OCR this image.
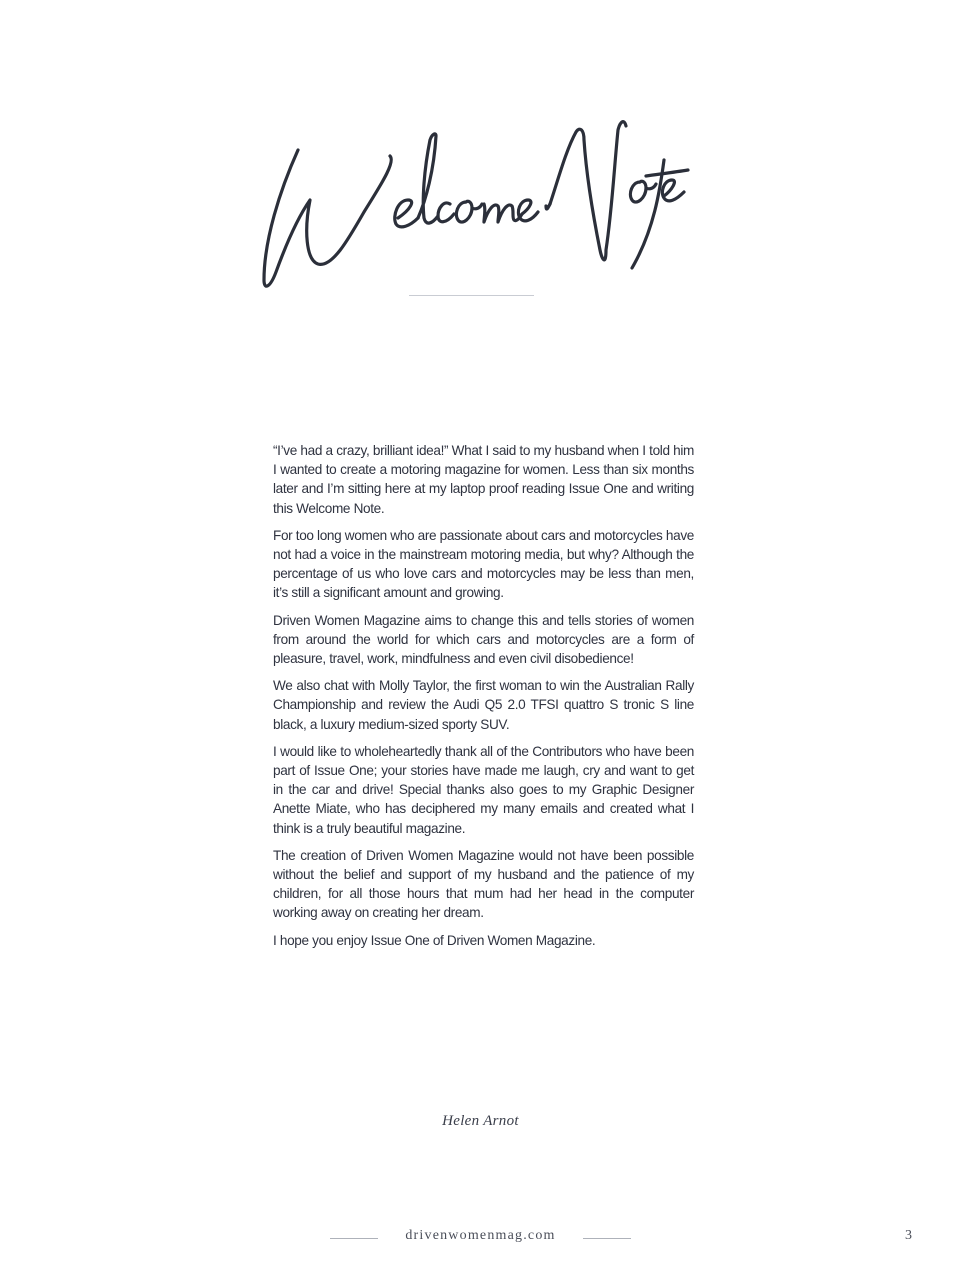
“I’ve had a crazy, brilliant idea!” What I said to my husband when I told him I wanted to create a motoring magazine for women. Less than six months later and I’m sitting here at my laptop proof reading Issue One and writing this Welcome Note.

For too long women who are passionate about cars and motorcycles have not had a voice in the mainstream motoring media, but why? Although the percentage of us who love cars and motorcycles may be less than men, it’s still a significant amount and growing.

Driven Women Magazine aims to change this and tells stories of women from around the world for which cars and motorcycles are a form of pleasure, travel, work, mindfulness and even civil disobedience!

We also chat with Molly Taylor, the first woman to win the Australian Rally Championship and review the Audi Q5 2.0 TFSI quattro S tronic S line black, a luxury medium-sized sporty SUV.

I would like to wholeheartedly thank all of the Contributors who have been part of Issue One; your stories have made me laugh, cry and want to get in the car and drive! Special thanks also goes to my Graphic Designer Anette Miate, who has deciphered my many emails and created what I think is a truly beautiful magazine.

The creation of Driven Women Magazine would not have been possible without the belief and support of my husband and the patience of my children, for all those hours that mum had her head in the computer working away on creating her dream.

I hope you enjoy Issue One of Driven Women Magazine.

Helen Arnot
drivenwomenmag.com	3
